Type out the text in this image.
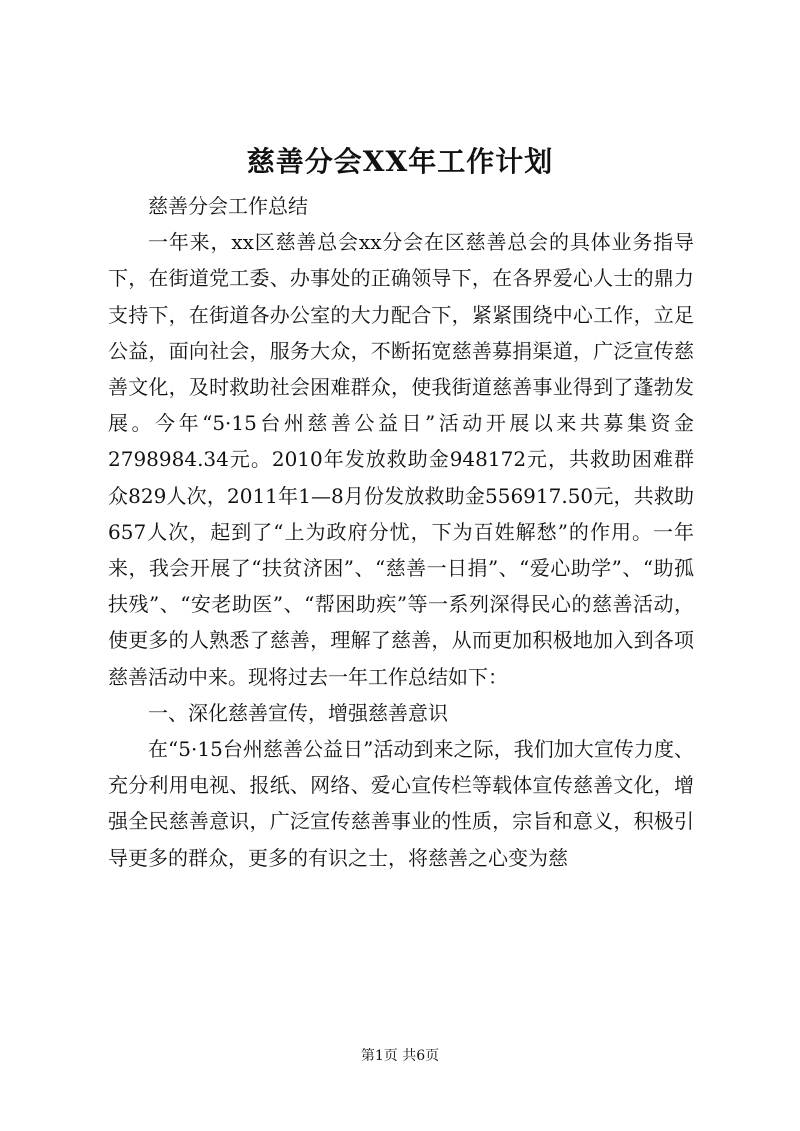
慈善分会XX年工作计划

慈善分会工作总结

一年来，xx区慈善总会xx分会在区慈善总会的具体业务指导下，在街道党工委、办事处的正确领导下，在各界爱心人士的鼎力支持下，在街道各办公室的大力配合下，紧紧围绕中心工作，立足公益，面向社会，服务大众，不断拓宽慈善募捐渠道，广泛宣传慈善文化，及时救助社会困难群众，使我街道慈善事业得到了蓬勃发展。今年“5·15台州慈善公益日”活动开展以来共募集资金2798984.34元。2010年发放救助金948172元，共救助困难群众829人次，2011年1—8月份发放救助金556917.50元，共救助657人次，起到了“上为政府分忧，下为百姓解愁”的作用。一年来，我会开展了“扶贫济困”、“慈善一日捐”、“爱心助学”、“助孤扶残”、“安老助医”、“帮困助疾”等一系列深得民心的慈善活动，使更多的人熟悉了慈善，理解了慈善，从而更加积极地加入到各项慈善活动中来。现将过去一年工作总结如下：

一、深化慈善宣传，增强慈善意识

在“5·15台州慈善公益日”活动到来之际，我们加大宣传力度、充分利用电视、报纸、网络、爱心宣传栏等载体宣传慈善文化，增强全民慈善意识，广泛宣传慈善事业的性质，宗旨和意义，积极引导更多的群众，更多的有识之士，将慈善之心变为慈

第1页 共6页
